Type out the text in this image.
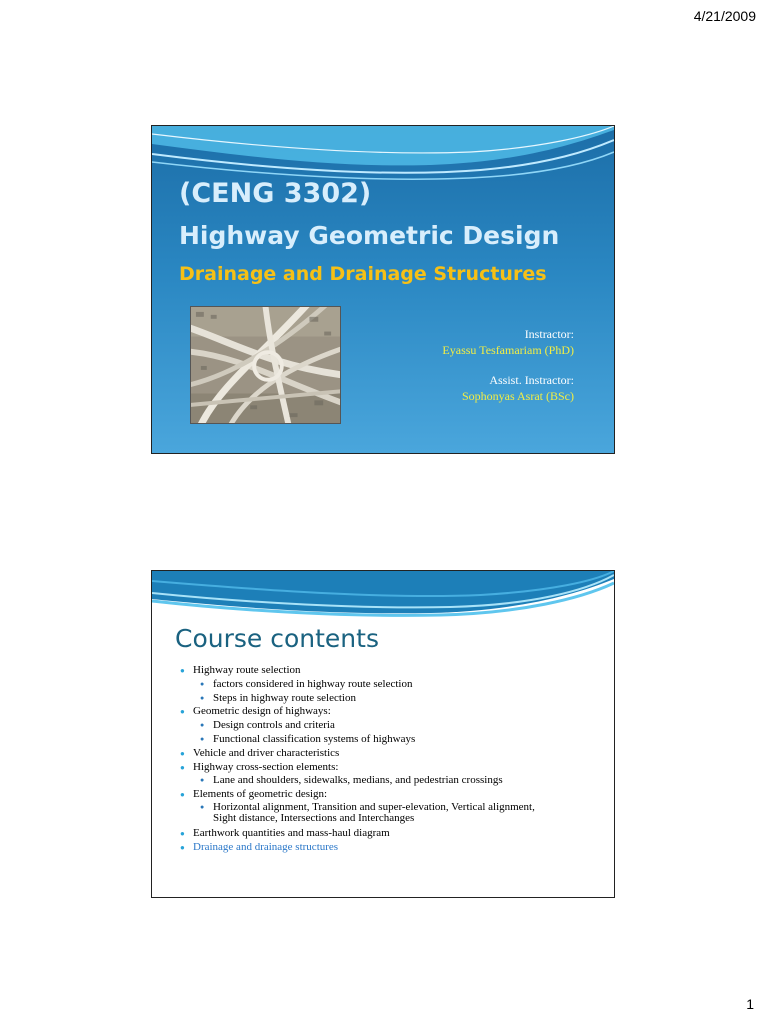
4/21/2009
(CENG 3302)
Highway Geometric Design
Drainage and Drainage Structures
Instractor:
Eyassu Tesfamariam (PhD)
Assist. Instractor:
Sophonyas Asrat (BSc)
Course contents
● Highway route selection
● factors considered in highway route selection
● Steps in highway route selection
● Geometric design of highways:
● Design controls and criteria
● Functional classification systems of highways
● Vehicle and driver characteristics
● Highway cross-section elements:
● Lane and shoulders, sidewalks, medians, and pedestrian crossings
● Elements of geometric design:
● Horizontal alignment, Transition and super-elevation, Vertical alignment, Sight distance, Intersections and Interchanges
● Earthwork quantities and mass-haul diagram
● Drainage and drainage structures
1
